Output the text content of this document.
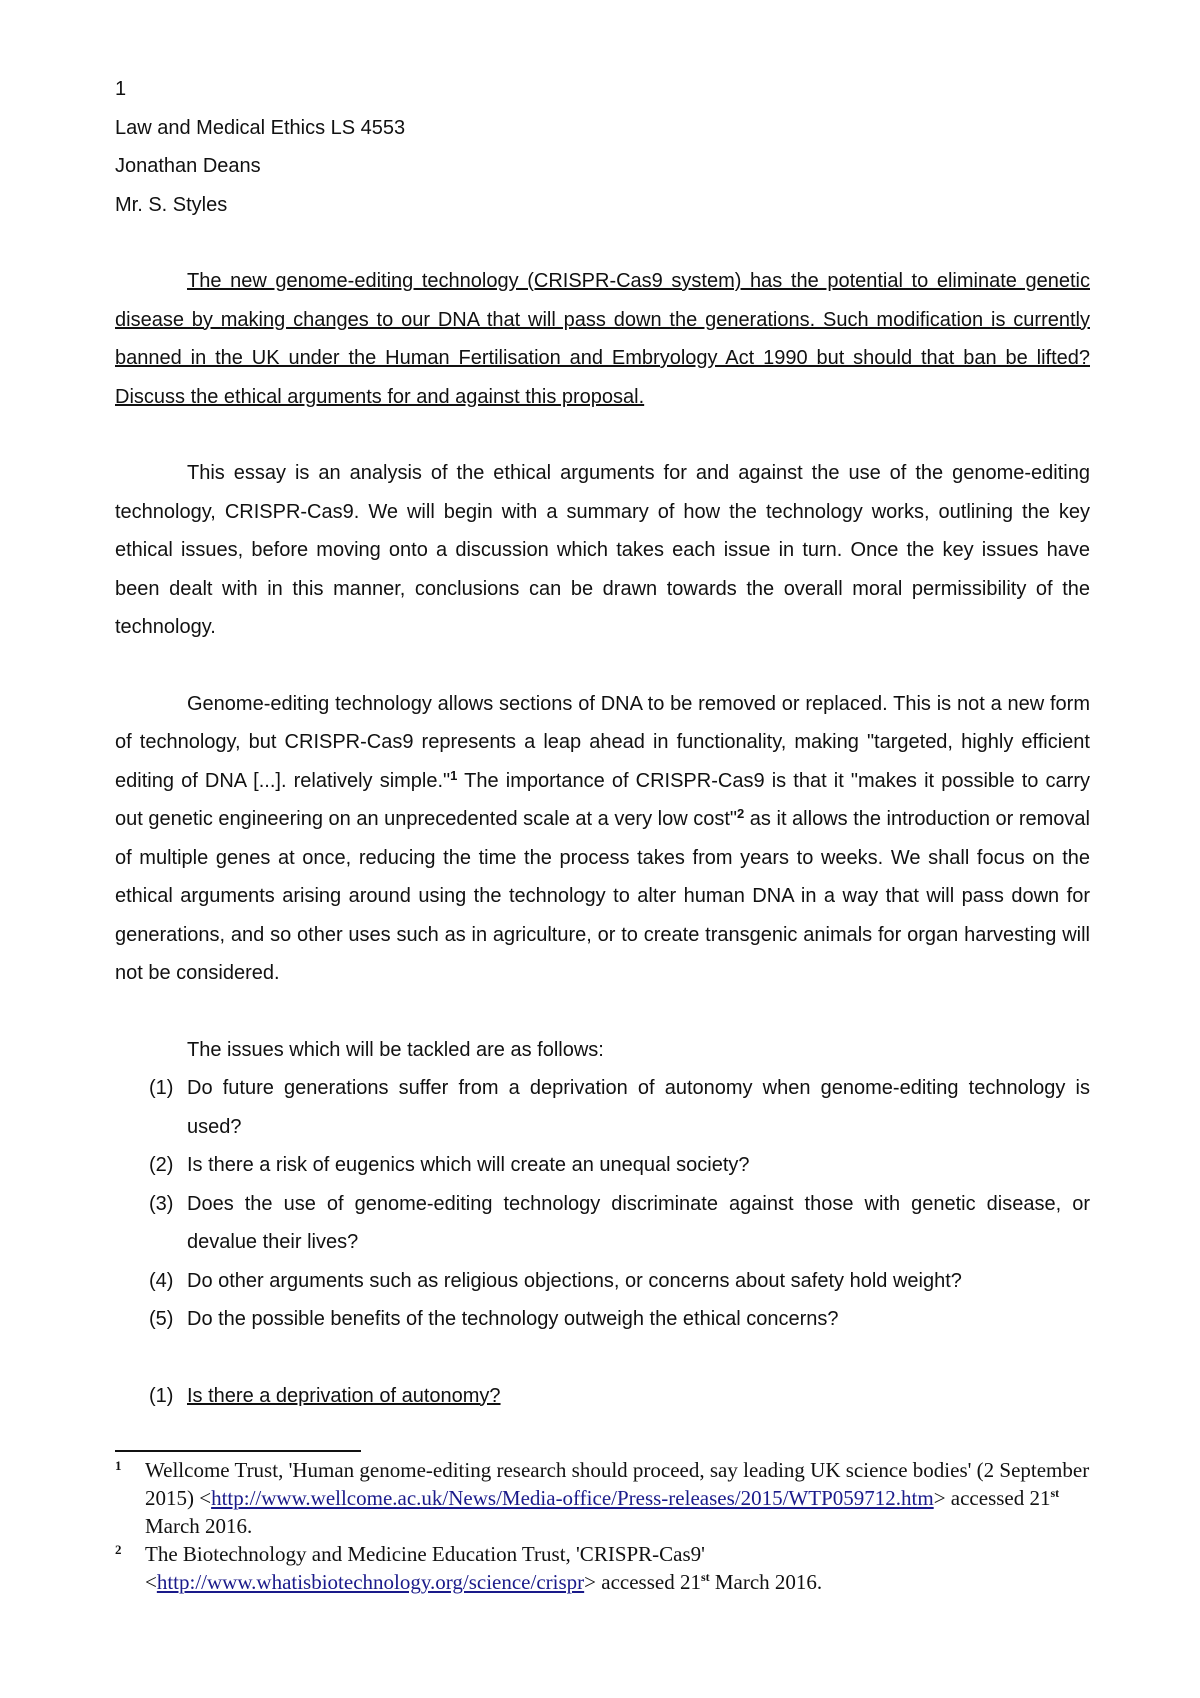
1

Law and Medical Ethics LS 4553

Jonathan Deans

Mr. S. Styles

The new genome-editing technology (CRISPR-Cas9 system) has the potential to eliminate genetic disease by making changes to our DNA that will pass down the generations. Such modification is currently banned in the UK under the Human Fertilisation and Embryology Act 1990 but should that ban be lifted? Discuss the ethical arguments for and against this proposal.

This essay is an analysis of the ethical arguments for and against the use of the genome-editing technology, CRISPR-Cas9. We will begin with a summary of how the technology works, outlining the key ethical issues, before moving onto a discussion which takes each issue in turn. Once the key issues have been dealt with in this manner, conclusions can be drawn towards the overall moral permissibility of the technology.

Genome-editing technology allows sections of DNA to be removed or replaced. This is not a new form of technology, but CRISPR-Cas9 represents a leap ahead in functionality, making "targeted, highly efficient editing of DNA [...]. relatively simple."$^1$ The importance of CRISPR-Cas9 is that it "makes it possible to carry out genetic engineering on an unprecedented scale at a very low cost"$^2$ as it allows the introduction or removal of multiple genes at once, reducing the time the process takes from years to weeks. We shall focus on the ethical arguments arising around using the technology to alter human DNA in a way that will pass down for generations, and so other uses such as in agriculture, or to create transgenic animals for organ harvesting will not be considered.

The issues which will be tackled are as follows:

(1) Do future generations suffer from a deprivation of autonomy when genome-editing technology is used?
(2) Is there a risk of eugenics which will create an unequal society?
(3) Does the use of genome-editing technology discriminate against those with genetic disease, or devalue their lives?
(4) Do other arguments such as religious objections, or concerns about safety hold weight?
(5) Do the possible benefits of the technology outweigh the ethical concerns?
(1) Is there a deprivation of autonomy?

1 Wellcome Trust, 'Human genome-editing research should proceed, say leading UK science bodies' (2 September 2015) <http://www.wellcome.ac.uk/News/Media-office/Press-releases/2015/WTP059712.htm> accessed 21st March 2016.

2 The Biotechnology and Medicine Education Trust, 'CRISPR-Cas9' <http://www.whatisbiotechnology.org/science/crispr> accessed 21st March 2016.
